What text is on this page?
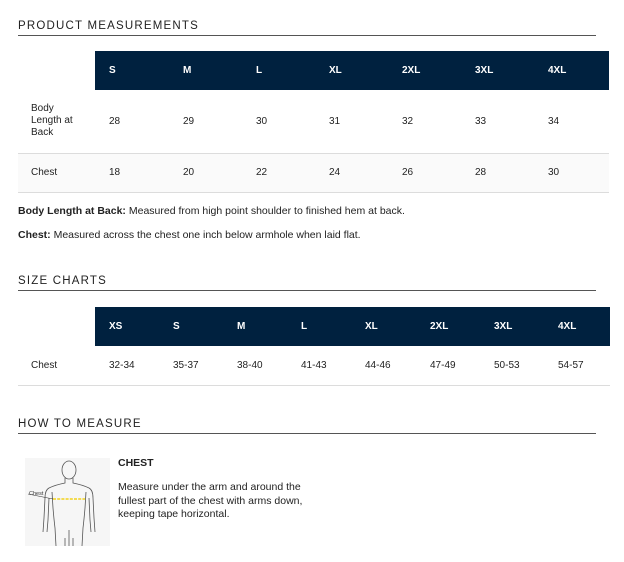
PRODUCT MEASUREMENTS
	S	M	L	XL	2XL	3XL	4XL
Body Length at Back	28	29	30	31	32	33	34
Chest	18	20	22	24	26	28	30
Body Length at Back: Measured from high point shoulder to finished hem at back.
Chest: Measured across the chest one inch below armhole when laid flat.
SIZE CHARTS
	XS	S	M	L	XL	2XL	3XL	4XL
Chest	32-34	35-37	38-40	41-43	44-46	47-49	50-53	54-57
HOW TO MEASURE
Chest
CHEST
Measure under the arm and around the fullest part of the chest with arms down, keeping tape horizontal.
